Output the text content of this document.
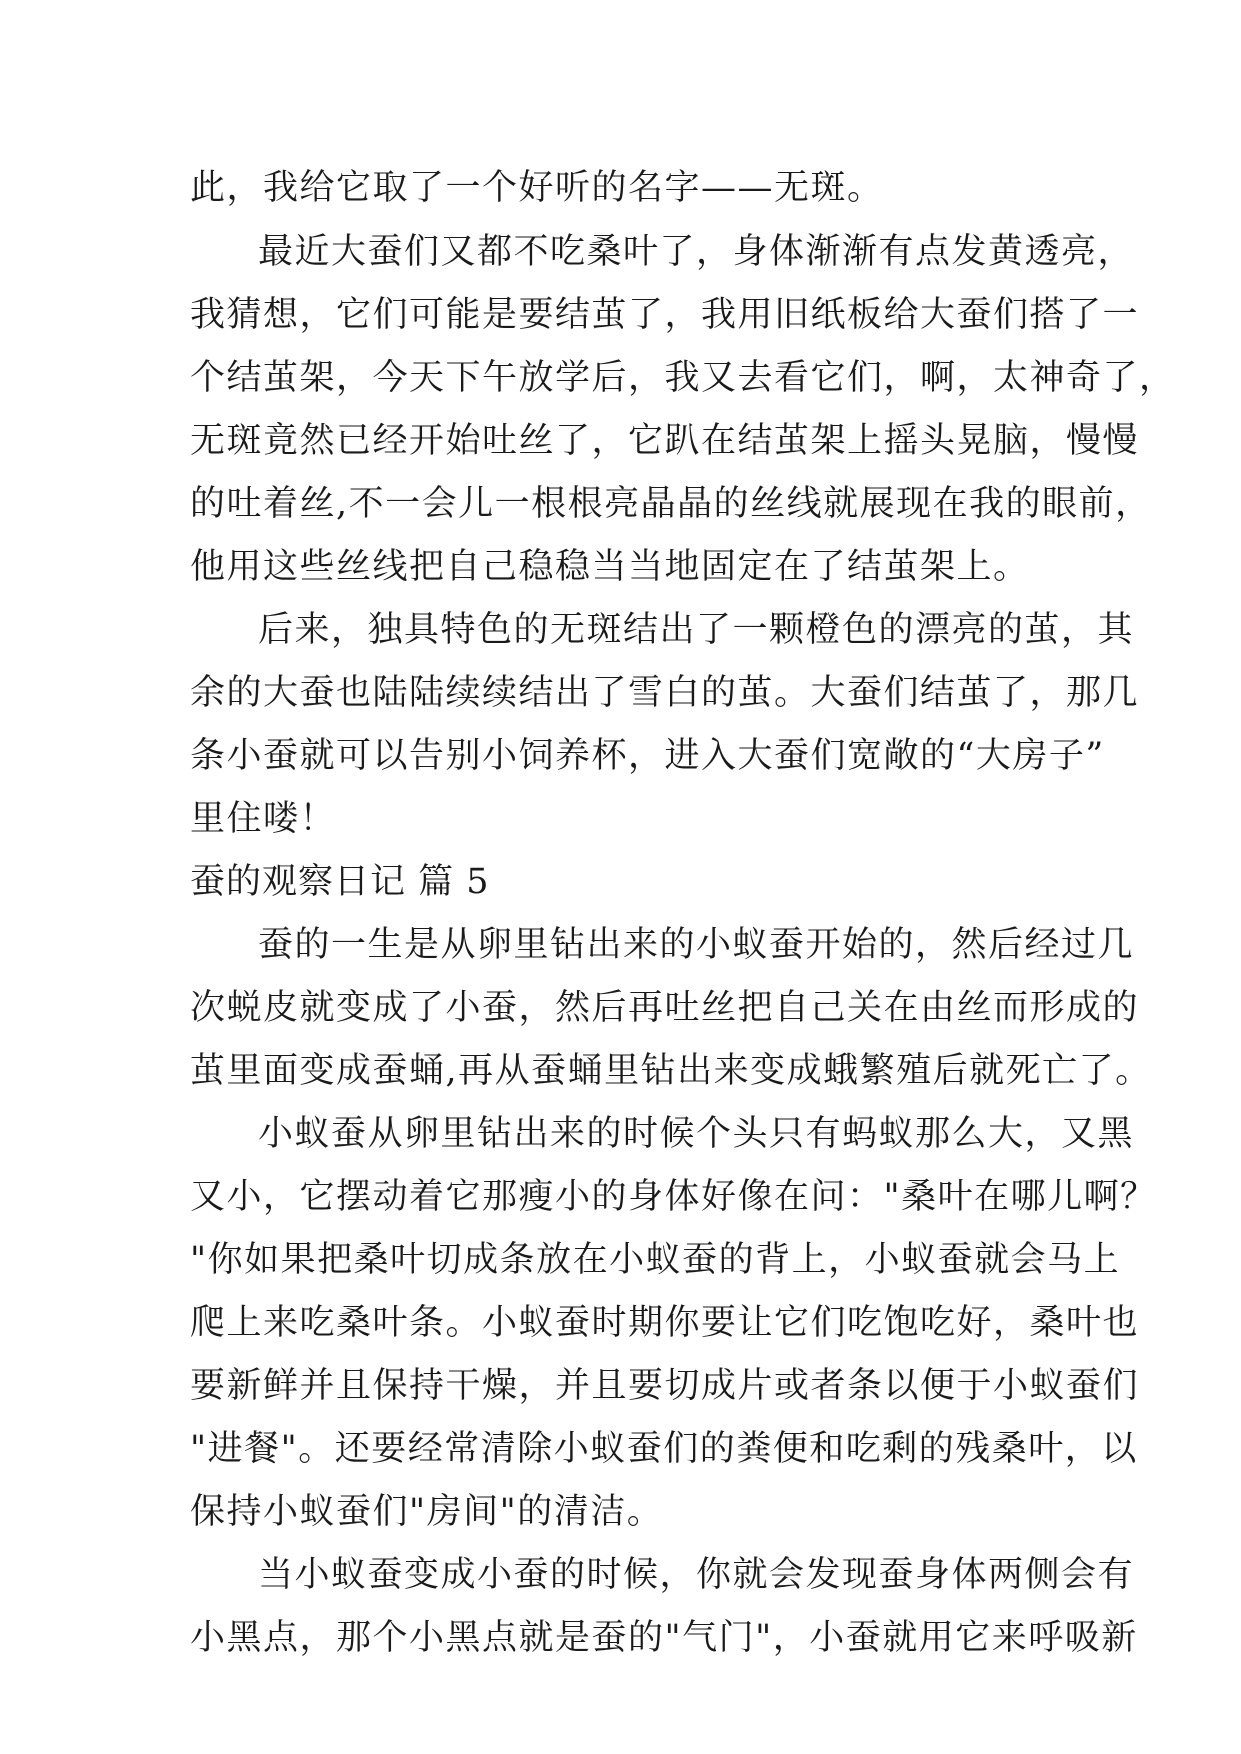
此，我给它取了一个好听的名字——无斑。
最近大蚕们又都不吃桑叶了，身体渐渐有点发黄透亮，
我猜想，它们可能是要结茧了，我用旧纸板给大蚕们搭了一
个结茧架，今天下午放学后，我又去看它们，啊，太神奇了，
无斑竟然已经开始吐丝了，它趴在结茧架上摇头晃脑，慢慢
的吐着丝,不一会儿一根根亮晶晶的丝线就展现在我的眼前，
他用这些丝线把自己稳稳当当地固定在了结茧架上。
后来，独具特色的无斑结出了一颗橙色的漂亮的茧，其
余的大蚕也陆陆续续结出了雪白的茧。大蚕们结茧了，那几
条小蚕就可以告别小饲养杯，进入大蚕们宽敞的“大房子”
里住喽！
蚕的观察日记 篇 5
蚕的一生是从卵里钻出来的小蚁蚕开始的，然后经过几
次蜕皮就变成了小蚕，然后再吐丝把自己关在由丝而形成的
茧里面变成蚕蛹,再从蚕蛹里钻出来变成蛾繁殖后就死亡了。
小蚁蚕从卵里钻出来的时候个头只有蚂蚁那么大，又黑
又小，它摆动着它那瘦小的身体好像在问："桑叶在哪儿啊？
"你如果把桑叶切成条放在小蚁蚕的背上，小蚁蚕就会马上
爬上来吃桑叶条。小蚁蚕时期你要让它们吃饱吃好，桑叶也
要新鲜并且保持干燥，并且要切成片或者条以便于小蚁蚕们
"进餐"。还要经常清除小蚁蚕们的粪便和吃剩的残桑叶，以
保持小蚁蚕们"房间"的清洁。
当小蚁蚕变成小蚕的时候，你就会发现蚕身体两侧会有
小黑点，那个小黑点就是蚕的"气门"，小蚕就用它来呼吸新
